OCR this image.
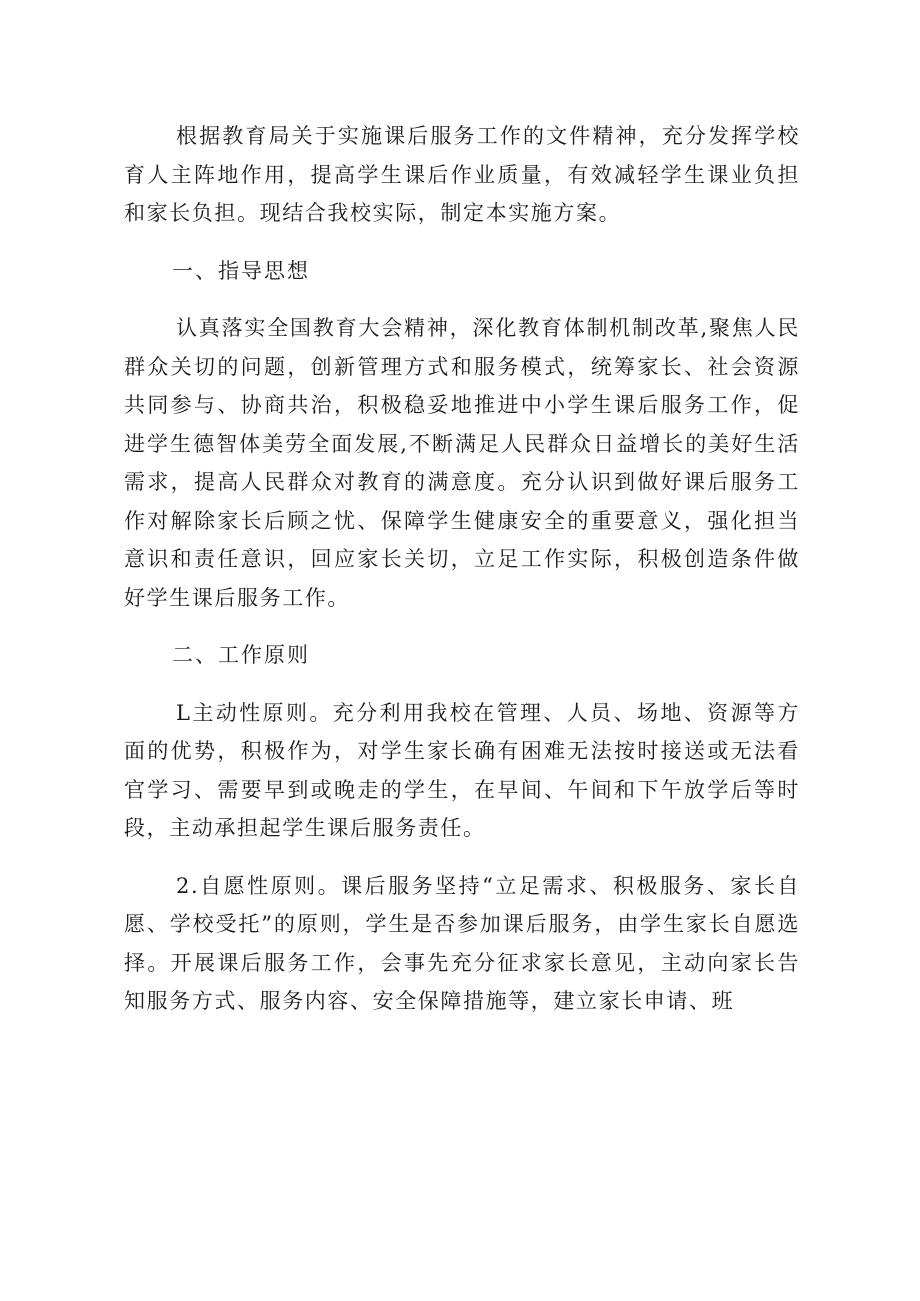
根据教育局关于实施课后服务工作的文件精神，充分发挥学校育人主阵地作用，提高学生课后作业质量，有效减轻学生课业负担和家长负担。现结合我校实际，制定本实施方案。

一、指导思想

认真落实全国教育大会精神，深化教育体制机制改革,聚焦人民群众关切的问题，创新管理方式和服务模式，统筹家长、社会资源共同参与、协商共治，积极稳妥地推进中小学生课后服务工作，促进学生德智体美劳全面发展,不断满足人民群众日益增长的美好生活需求，提高人民群众对教育的满意度。充分认识到做好课后服务工作对解除家长后顾之忧、保障学生健康安全的重要意义，强化担当意识和责任意识，回应家长关切，立足工作实际，积极创造条件做好学生课后服务工作。

二、工作原则

L主动性原则。充分利用我校在管理、人员、场地、资源等方面的优势，积极作为，对学生家长确有困难无法按时接送或无法看官学习、需要早到或晚走的学生，在早间、午间和下午放学后等时段，主动承担起学生课后服务责任。

2.自愿性原则。课后服务坚持“立足需求、积极服务、家长自愿、学校受托”的原则，学生是否参加课后服务，由学生家长自愿选择。开展课后服务工作，会事先充分征求家长意见，主动向家长告知服务方式、服务内容、安全保障措施等，建立家长申请、班
